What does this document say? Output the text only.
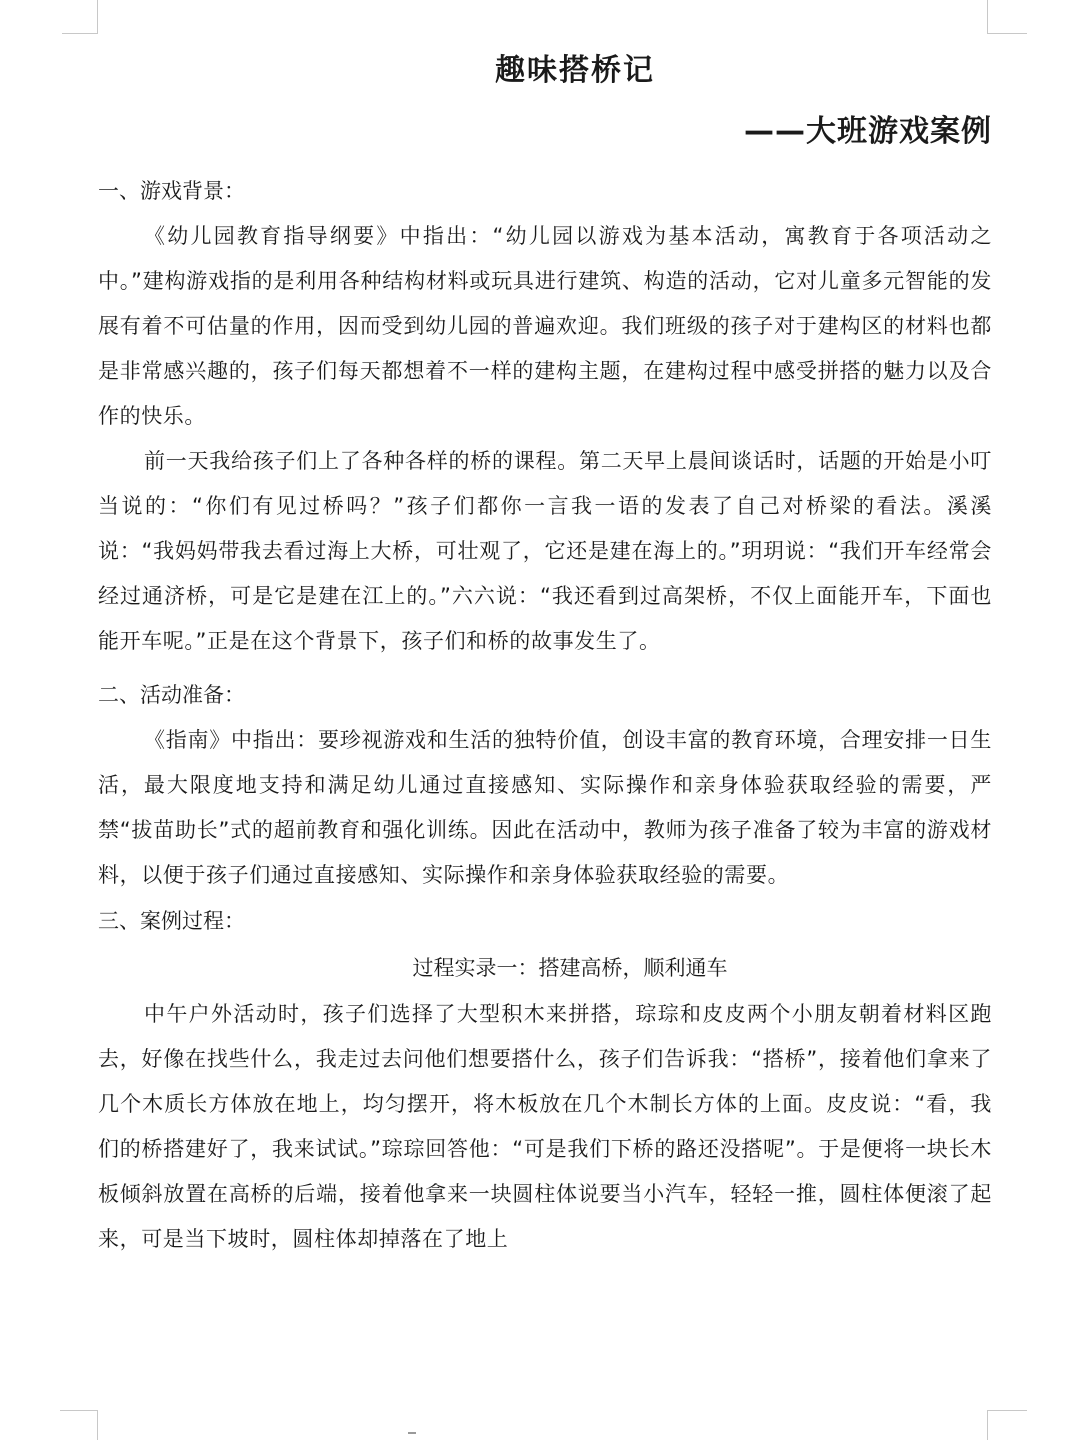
趣味搭桥记
——大班游戏案例
一、游戏背景：

《幼儿园教育指导纲要》中指出：“幼儿园以游戏为基本活动，寓教育于各项活动之中。”建构游戏指的是利用各种结构材料或玩具进行建筑、构造的活动，它对儿童多元智能的发展有着不可估量的作用，因而受到幼儿园的普遍欢迎。我们班级的孩子对于建构区的材料也都是非常感兴趣的，孩子们每天都想着不一样的建构主题，在建构过程中感受拼搭的魅力以及合作的快乐。

前一天我给孩子们上了各种各样的桥的课程。第二天早上晨间谈话时，话题的开始是小叮当说的：“你们有见过桥吗？”孩子们都你一言我一语的发表了自己对桥梁的看法。溪溪说：“我妈妈带我去看过海上大桥，可壮观了，它还是建在海上的。”玥玥说：“我们开车经常会经过通济桥，可是它是建在江上的。”六六说：“我还看到过高架桥，不仅上面能开车，下面也能开车呢。”正是在这个背景下，孩子们和桥的故事发生了。

二、活动准备：

《指南》中指出：要珍视游戏和生活的独特价值，创设丰富的教育环境，合理安排一日生活，最大限度地支持和满足幼儿通过直接感知、实际操作和亲身体验获取经验的需要，严禁“拔苗助长”式的超前教育和强化训练。因此在活动中，教师为孩子准备了较为丰富的游戏材料，以便于孩子们通过直接感知、实际操作和亲身体验获取经验的需要。

三、案例过程：
过程实录一：搭建高桥，顺利通车

中午户外活动时，孩子们选择了大型积木来拼搭，琮琮和皮皮两个小朋友朝着材料区跑去，好像在找些什么，我走过去问他们想要搭什么，孩子们告诉我：“搭桥”，接着他们拿来了几个木质长方体放在地上，均匀摆开，将木板放在几个木制长方体的上面。皮皮说：“看，我们的桥搭建好了，我来试试。”琮琮回答他：“可是我们下桥的路还没搭呢”。于是便将一块长木板倾斜放置在高桥的后端，接着他拿来一块圆柱体说要当小汽车，轻轻一推，圆柱体便滚了起来，可是当下坡时，圆柱体却掉落在了地上
